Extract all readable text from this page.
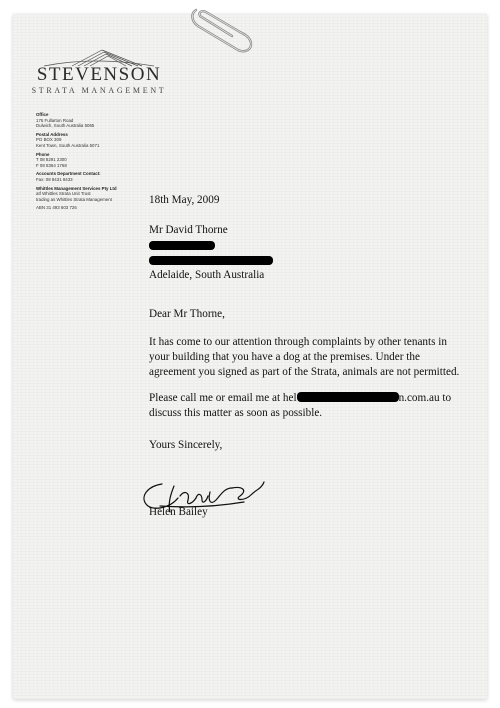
STEVENSON
STRATA MANAGEMENT
Office
176 Fullarton Road
Dulwich, South Australia 5065
Postal Address
PO BOX 309
Kent Town, South Australia 5071
Phone
T 08 8291 2300
F 08 8364 1768
Accounts Department Contact:
Fax: 08 8431 8433
Whittles Management Services Pty Ltd
atf Whittles Strata Unit Trust
trading as Whittles Strata Management
ABN 31 493 603 726

18th May, 2009

Mr David Thorne

Adelaide, South Australia

Dear Mr Thorne,

It has come to our attention through complaints by other tenants in your building that you have a dog at the premises. Under the agreement you signed as part of the Strata, animals are not permitted.

Please call me or email me at hel	n.com.au to
discuss this matter as soon as possible.

Yours Sincerely,

Helen Bailey
